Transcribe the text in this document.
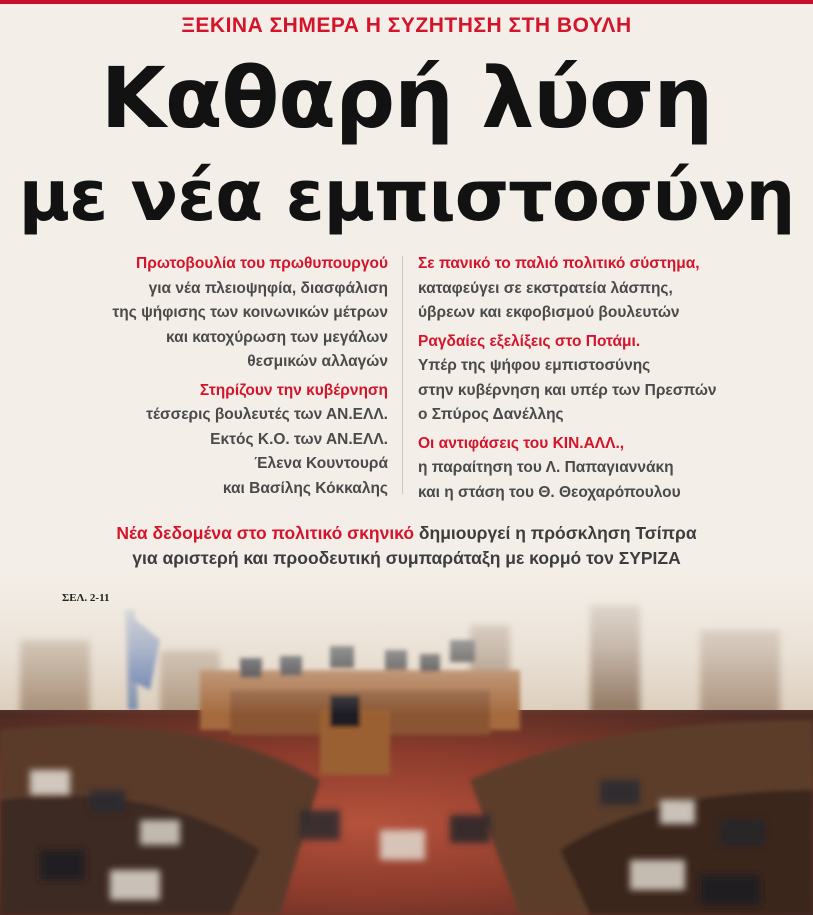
ΞΕΚΙΝΑ ΣΗΜΕΡΑ Η ΣΥΖΗΤΗΣΗ ΣΤΗ ΒΟΥΛΗ
Καθαρή λύση
με νέα εμπιστοσύνη
Πρωτοβουλία του πρωθυπουργού
για νέα πλειοψηφία, διασφάλιση
της ψήφισης των κοινωνικών μέτρων
και κατοχύρωση των μεγάλων
θεσμικών αλλαγών
Στηρίζουν την κυβέρνηση
τέσσερις βουλευτές των ΑΝ.ΕΛΛ.
Εκτός Κ.Ο. των ΑΝ.ΕΛΛ.
Έλενα Κουντουρά
και Βασίλης Κόκκαλης
Σε πανικό το παλιό πολιτικό σύστημα,
καταφεύγει σε εκστρατεία λάσπης,
ύβρεων και εκφοβισμού βουλευτών
Ραγδαίες εξελίξεις στο Ποτάμι.
Υπέρ της ψήφου εμπιστοσύνης
στην κυβέρνηση και υπέρ των Πρεσπών
ο Σπύρος Δανέλλης
Οι αντιφάσεις του ΚΙΝ.ΑΛΛ.,
η παραίτηση του Λ. Παπαγιαννάκη
και η στάση του Θ. Θεοχαρόπουλου
Νέα δεδομένα στο πολιτικό σκηνικό δημιουργεί η πρόσκληση Τσίπρα
για αριστερή και προοδευτική συμπαράταξη με κορμό τον ΣΥΡΙΖΑ
ΣΕΛ. 2-11
